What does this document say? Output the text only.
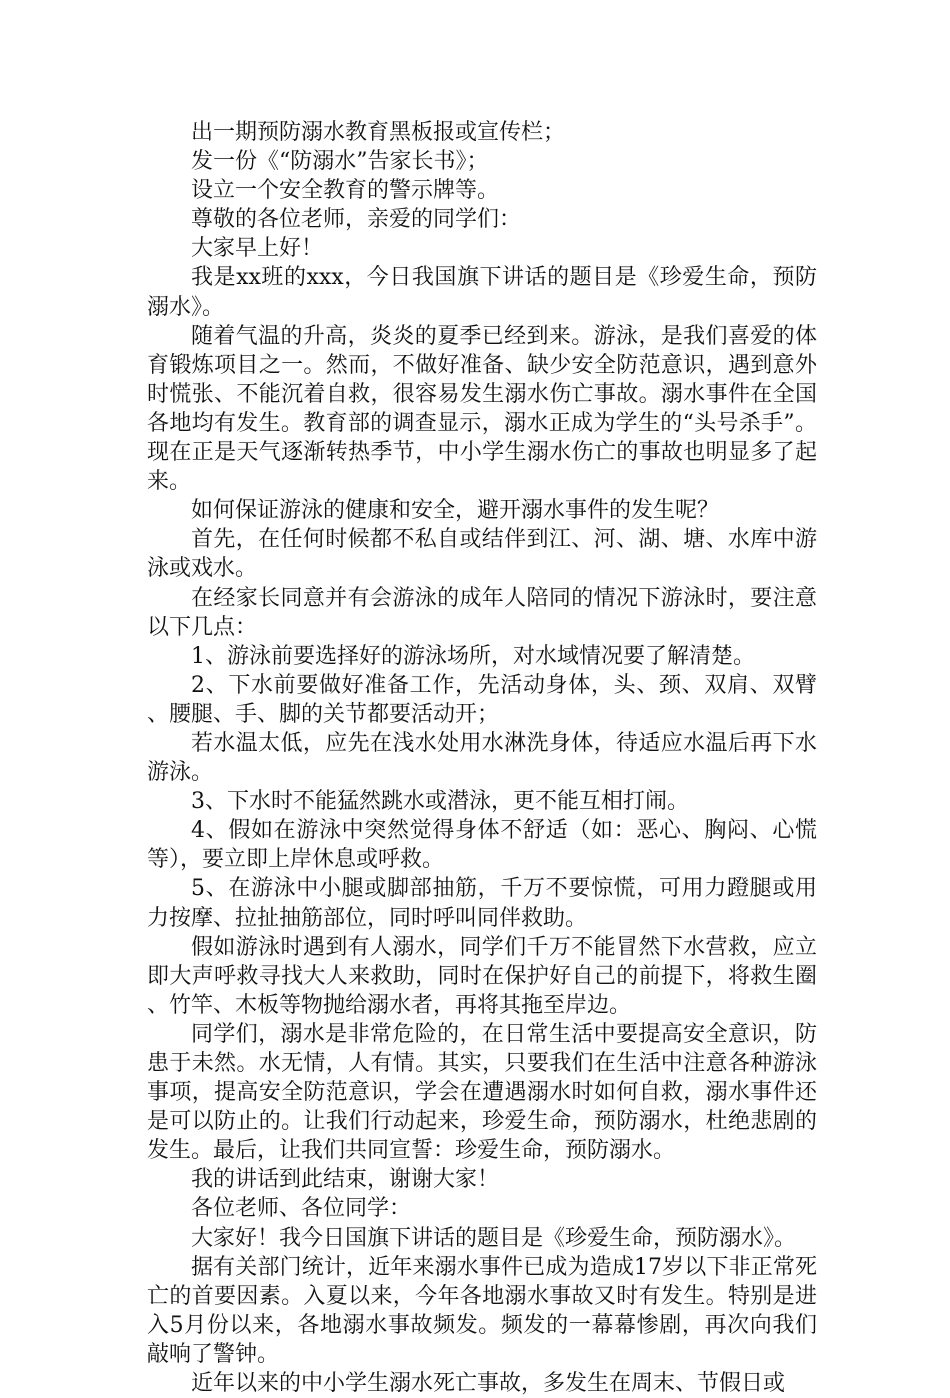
出一期预防溺水教育黑板报或宣传栏；

发一份《“防溺水”告家长书》；

设立一个安全教育的警示牌等。

尊敬的各位老师，亲爱的同学们：

大家早上好！

我是xx班的xxx，今日我国旗下讲话的题目是《珍爱生命，预防溺水》。

随着气温的升高，炎炎的夏季已经到来。游泳，是我们喜爱的体育锻炼项目之一。然而，不做好准备、缺少安全防范意识，遇到意外时慌张、不能沉着自救，很容易发生溺水伤亡事故。溺水事件在全国各地均有发生。教育部的调查显示，溺水正成为学生的“头号杀手”。现在正是天气逐渐转热季节，中小学生溺水伤亡的事故也明显多了起来。

如何保证游泳的健康和安全，避开溺水事件的发生呢？

首先，在任何时候都不私自或结伴到江、河、湖、塘、水库中游泳或戏水。

在经家长同意并有会游泳的成年人陪同的情况下游泳时，要注意以下几点：

1、游泳前要选择好的游泳场所，对水域情况要了解清楚。

2、下水前要做好准备工作，先活动身体，头、颈、双肩、双臂、腰腿、手、脚的关节都要活动开；

若水温太低，应先在浅水处用水淋洗身体，待适应水温后再下水游泳。

3、下水时不能猛然跳水或潜泳，更不能互相打闹。

4、假如在游泳中突然觉得身体不舒适（如：恶心、胸闷、心慌等），要立即上岸休息或呼救。

5、在游泳中小腿或脚部抽筋，千万不要惊慌，可用力蹬腿或用力按摩、拉扯抽筋部位，同时呼叫同伴救助。

假如游泳时遇到有人溺水，同学们千万不能冒然下水营救，应立即大声呼救寻找大人来救助，同时在保护好自己的前提下，将救生圈、竹竿、木板等物抛给溺水者，再将其拖至岸边。

同学们，溺水是非常危险的，在日常生活中要提高安全意识，防患于未然。水无情，人有情。其实，只要我们在生活中注意各种游泳事项，提高安全防范意识，学会在遭遇溺水时如何自救，溺水事件还是可以防止的。让我们行动起来，珍爱生命，预防溺水，杜绝悲剧的发生。最后，让我们共同宣誓：珍爱生命，预防溺水。

我的讲话到此结束，谢谢大家！

各位老师、各位同学：

大家好！我今日国旗下讲话的题目是《珍爱生命，预防溺水》。

据有关部门统计，近年来溺水事件已成为造成17岁以下非正常死亡的首要因素。入夏以来，今年各地溺水事故又时有发生。特别是进入5月份以来，各地溺水事故频发。频发的一幕幕惨剧，再次向我们敲响了警钟。

近年以来的中小学生溺水死亡事故，多发生在周末、节假日或
